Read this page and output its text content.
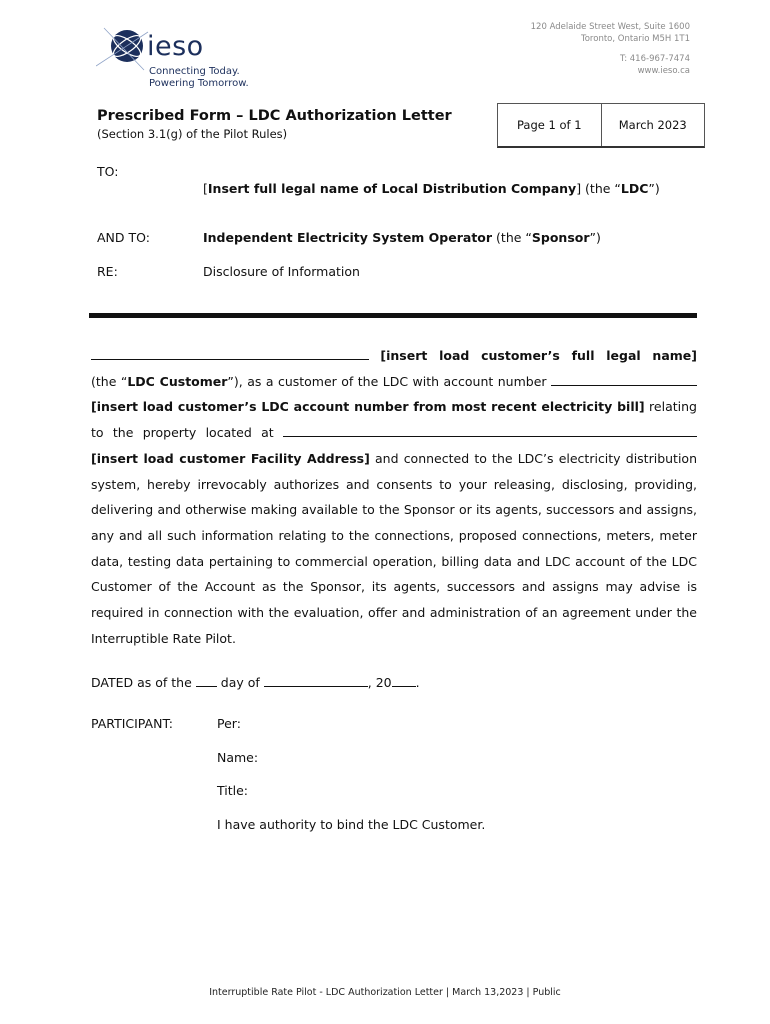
120 Adelaide Street West, Suite 1600
Toronto, Ontario M5H 1T1
T: 416-967-7474
www.ieso.ca
ieso
Connecting Today.
Powering Tomorrow.
Prescribed Form – LDC Authorization Letter
(Section 3.1(g) of the Pilot Rules)
Page 1 of 1	March 2023
TO:
[Insert full legal name of Local Distribution Company] (the “LDC”)
AND TO:	Independent Electricity System Operator (the “Sponsor”)
RE:	Disclosure of Information
[insert load customer’s full legal name]
(the “LDC Customer”), as a customer of the LDC with account number
[insert load customer’s LDC account number from most recent electricity bill] relating
to the property located at
[insert load customer Facility Address] and connected to the LDC’s electricity distribution
system, hereby irrevocably authorizes and consents to your releasing, disclosing, providing,
delivering and otherwise making available to the Sponsor or its agents, successors and assigns,
any and all such information relating to the connections, proposed connections, meters, meter
data, testing data pertaining to commercial operation, billing data and LDC account of the LDC
Customer of the Account as the Sponsor, its agents, successors and assigns may advise is
required in connection with the evaluation, offer and administration of an agreement under the
Interruptible Rate Pilot.
DATED as of the  day of	, 20 .
PARTICIPANT:	Per:
Name:
Title:
I have authority to bind the LDC Customer.
Interruptible Rate Pilot - LDC Authorization Letter | March 13,2023 | Public
